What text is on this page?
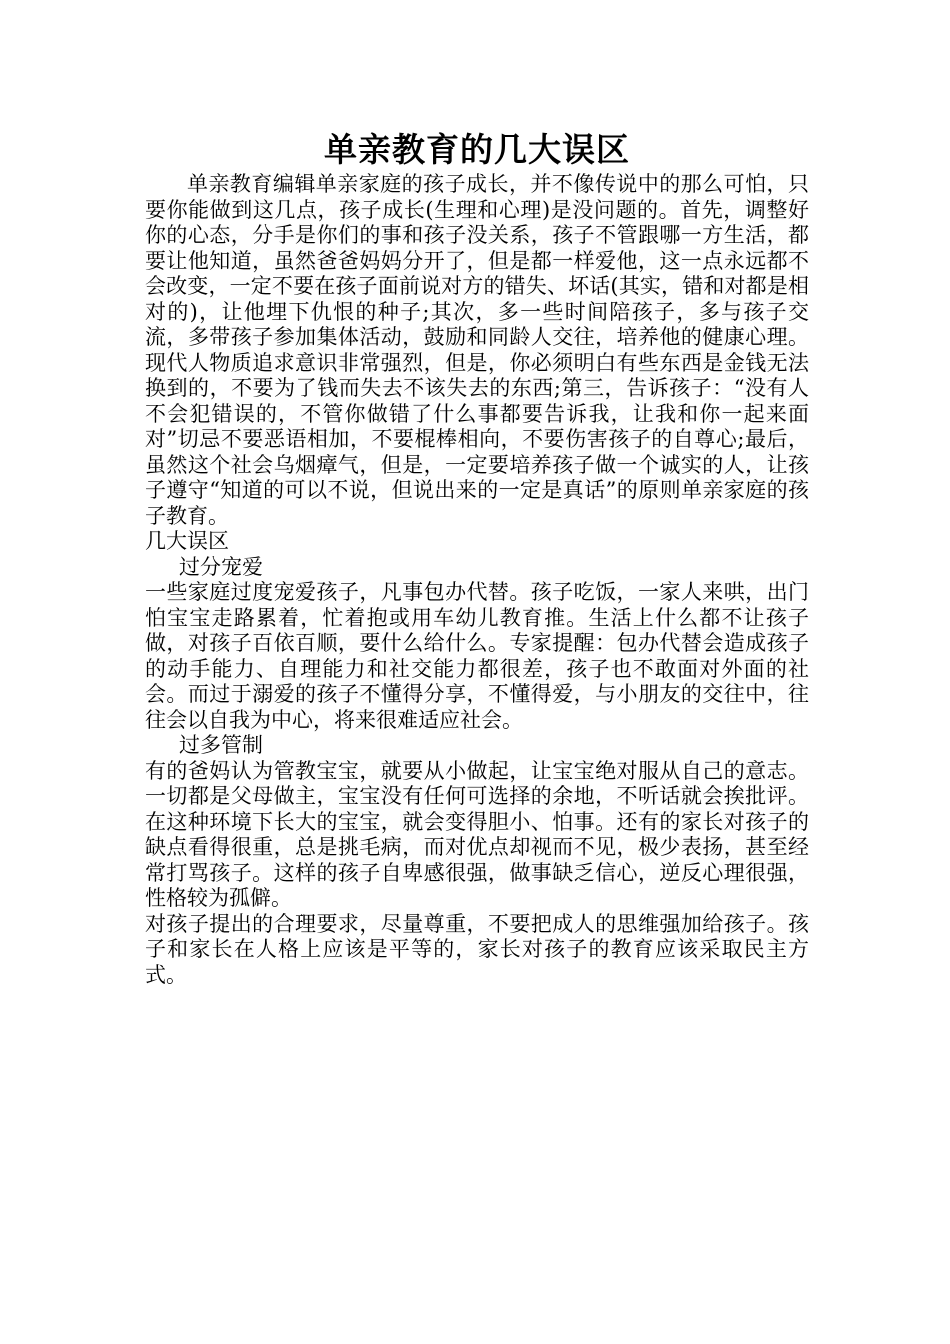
单亲教育的几大误区

单亲教育编辑单亲家庭的孩子成长，并不像传说中的那么可怕，只要你能做到这几点，孩子成长(生理和心理)是没问题的。首先，调整好你的心态，分手是你们的事和孩子没关系，孩子不管跟哪一方生活，都要让他知道，虽然爸爸妈妈分开了，但是都一样爱他，这一点永远都不会改变，一定不要在孩子面前说对方的错失、坏话(其实，错和对都是相对的)，让他埋下仇恨的种子;其次，多一些时间陪孩子，多与孩子交流，多带孩子参加集体活动，鼓励和同龄人交往，培养他的健康心理。现代人物质追求意识非常强烈，但是，你必须明白有些东西是金钱无法换到的，不要为了钱而失去不该失去的东西;第三，告诉孩子：“没有人不会犯错误的，不管你做错了什么事都要告诉我，让我和你一起来面对”切忌不要恶语相加，不要棍棒相向，不要伤害孩子的自尊心;最后，虽然这个社会乌烟瘴气，但是，一定要培养孩子做一个诚实的人，让孩子遵守“知道的可以不说，但说出来的一定是真话”的原则单亲家庭的孩子教育。

几大误区

过分宠爱

一些家庭过度宠爱孩子，凡事包办代替。孩子吃饭，一家人来哄，出门怕宝宝走路累着，忙着抱或用车幼儿教育推。生活上什么都不让孩子做，对孩子百依百顺，要什么给什么。专家提醒：包办代替会造成孩子的动手能力、自理能力和社交能力都很差，孩子也不敢面对外面的社会。而过于溺爱的孩子不懂得分享，不懂得爱，与小朋友的交往中，往往会以自我为中心，将来很难适应社会。

过多管制

有的爸妈认为管教宝宝，就要从小做起，让宝宝绝对服从自己的意志。一切都是父母做主，宝宝没有任何可选择的余地，不听话就会挨批评。在这种环境下长大的宝宝，就会变得胆小、怕事。还有的家长对孩子的缺点看得很重，总是挑毛病，而对优点却视而不见，极少表扬，甚至经常打骂孩子。这样的孩子自卑感很强，做事缺乏信心，逆反心理很强，性格较为孤僻。

对孩子提出的合理要求，尽量尊重，不要把成人的思维强加给孩子。孩子和家长在人格上应该是平等的，家长对孩子的教育应该采取民主方式。
